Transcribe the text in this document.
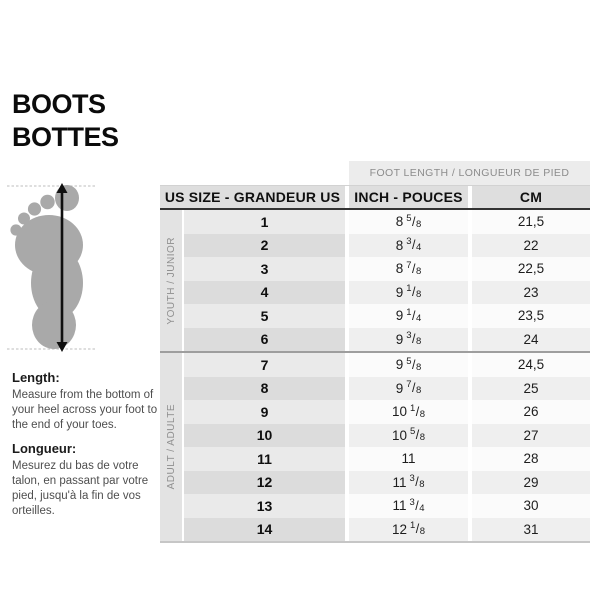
BOOTS
BOTTES
Length:
Measure from the bottom of your heel across your foot to the end of your toes.
Longueur:
Mesurez du bas de votre talon, en passant par votre pied, jusqu'à la fin de vos orteilles.
FOOT LENGTH / LONGUEUR DE PIED
US SIZE - GRANDEUR US	INCH - POUCES	CM
YOUTH / JUNIOR
1	8 5 / 8	21,5
2	8 3 / 4	22
3	8 7 / 8	22,5
4	9 1 / 8	23
5	9 1 / 4	23,5
6	9 3 / 8	24
ADULT / ADULTE
7	9 5 / 8	24,5
8	9 7 / 8	25
9	10 1 / 8	26
10	10 5 / 8	27
11	11	28
12	11 3 / 8	29
13	11 3 / 4	30
14	12 1 / 8	31
